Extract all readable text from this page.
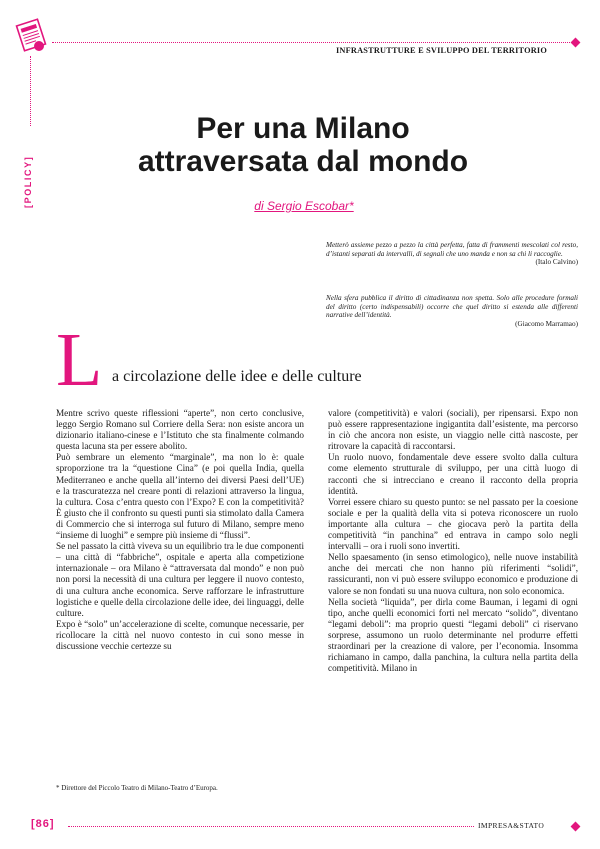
INFRASTRUTTURE E SVILUPPO DEL TERRITORIO
[POLICY]
Per una Milano
attraversata dal mondo
di Sergio Escobar*
Metterò assieme pezzo a pezzo la città perfetta, fatta di frammenti mescolati col resto, d’istanti separati da intervalli, di segnali che uno manda e non sa chi li raccoglie.
(Italo Calvino)
Nella sfera pubblica il diritto di cittadinanza non spetta. Solo alle procedure formali del diritto (certo indispensabili) occorre che quel diritto si estenda alle differenti narrative dell’identità.
(Giacomo Marramao)
L a circolazione delle idee e delle culture

Mentre scrivo queste riflessioni “aperte”, non certo conclusive, leggo Sergio Romano sul Corriere della Sera: non esiste ancora un dizionario italiano-cinese e l’Istituto che sta finalmente colmando questa lacuna sta per essere abolito.

Può sembrare un elemento “marginale”, ma non lo è: quale sproporzione tra la “questione Cina” (e poi quella India, quella Mediterraneo e anche quella all’interno dei diversi Paesi dell’UE) e la trascuratezza nel creare ponti di relazioni attraverso la lingua, la cultura. Cosa c’entra questo con l’Expo? E con la competitività? È giusto che il confronto su questi punti sia stimolato dalla Camera di Commercio che si interroga sul futuro di Milano, sempre meno “insieme di luoghi” e sempre più insieme di “flussi”.

Se nel passato la città viveva su un equilibrio tra le due componenti – una città di “fabbriche”, ospitale e aperta alla competizione internazionale – ora Milano è “attraversata dal mondo” e non può non porsi la necessità di una cultura per leggere il nuovo contesto, di una cultura anche economica. Serve rafforzare le infrastrutture logistiche e quelle della circolazione delle idee, dei linguaggi, delle culture.

Expo è “solo” un’accelerazione di scelte, comunque necessarie, per ricollocare la città nel nuovo contesto in cui sono messe in discussione vecchie certezze su

* Direttore del Piccolo Teatro di Milano-Teatro d’Europa.

valore (competitività) e valori (sociali), per ripensarsi. Expo non può essere rappresentazione ingigantita dall’esistente, ma percorso in ciò che ancora non esiste, un viaggio nelle città nascoste, per ritrovare la capacità di raccontarsi.

Un ruolo nuovo, fondamentale deve essere svolto dalla cultura come elemento strutturale di sviluppo, per una città luogo di racconti che si intrecciano e creano il racconto della propria identità.

Vorrei essere chiaro su questo punto: se nel passato per la coesione sociale e per la qualità della vita si poteva riconoscere un ruolo importante alla cultura – che giocava però la partita della competitività “in panchina” ed entrava in campo solo negli intervalli – ora i ruoli sono invertiti.

Nello spaesamento (in senso etimologico), nelle nuove instabilità anche dei mercati che non hanno più riferimenti “solidi”, rassicuranti, non vi può essere sviluppo economico e produzione di valore se non fondati su una nuova cultura, non solo economica.

Nella società “liquida”, per dirla come Bauman, i legami di ogni tipo, anche quelli economici forti nel mercato “solido”, diventano “legami deboli”: ma proprio questi “legami deboli” ci riservano sorprese, assumono un ruolo determinante nel produrre effetti straordinari per la creazione di valore, per l’economia. Insomma richiamano in campo, dalla panchina, la cultura nella partita della competitività. Milano in

[86]	IMPRESA&STATO
